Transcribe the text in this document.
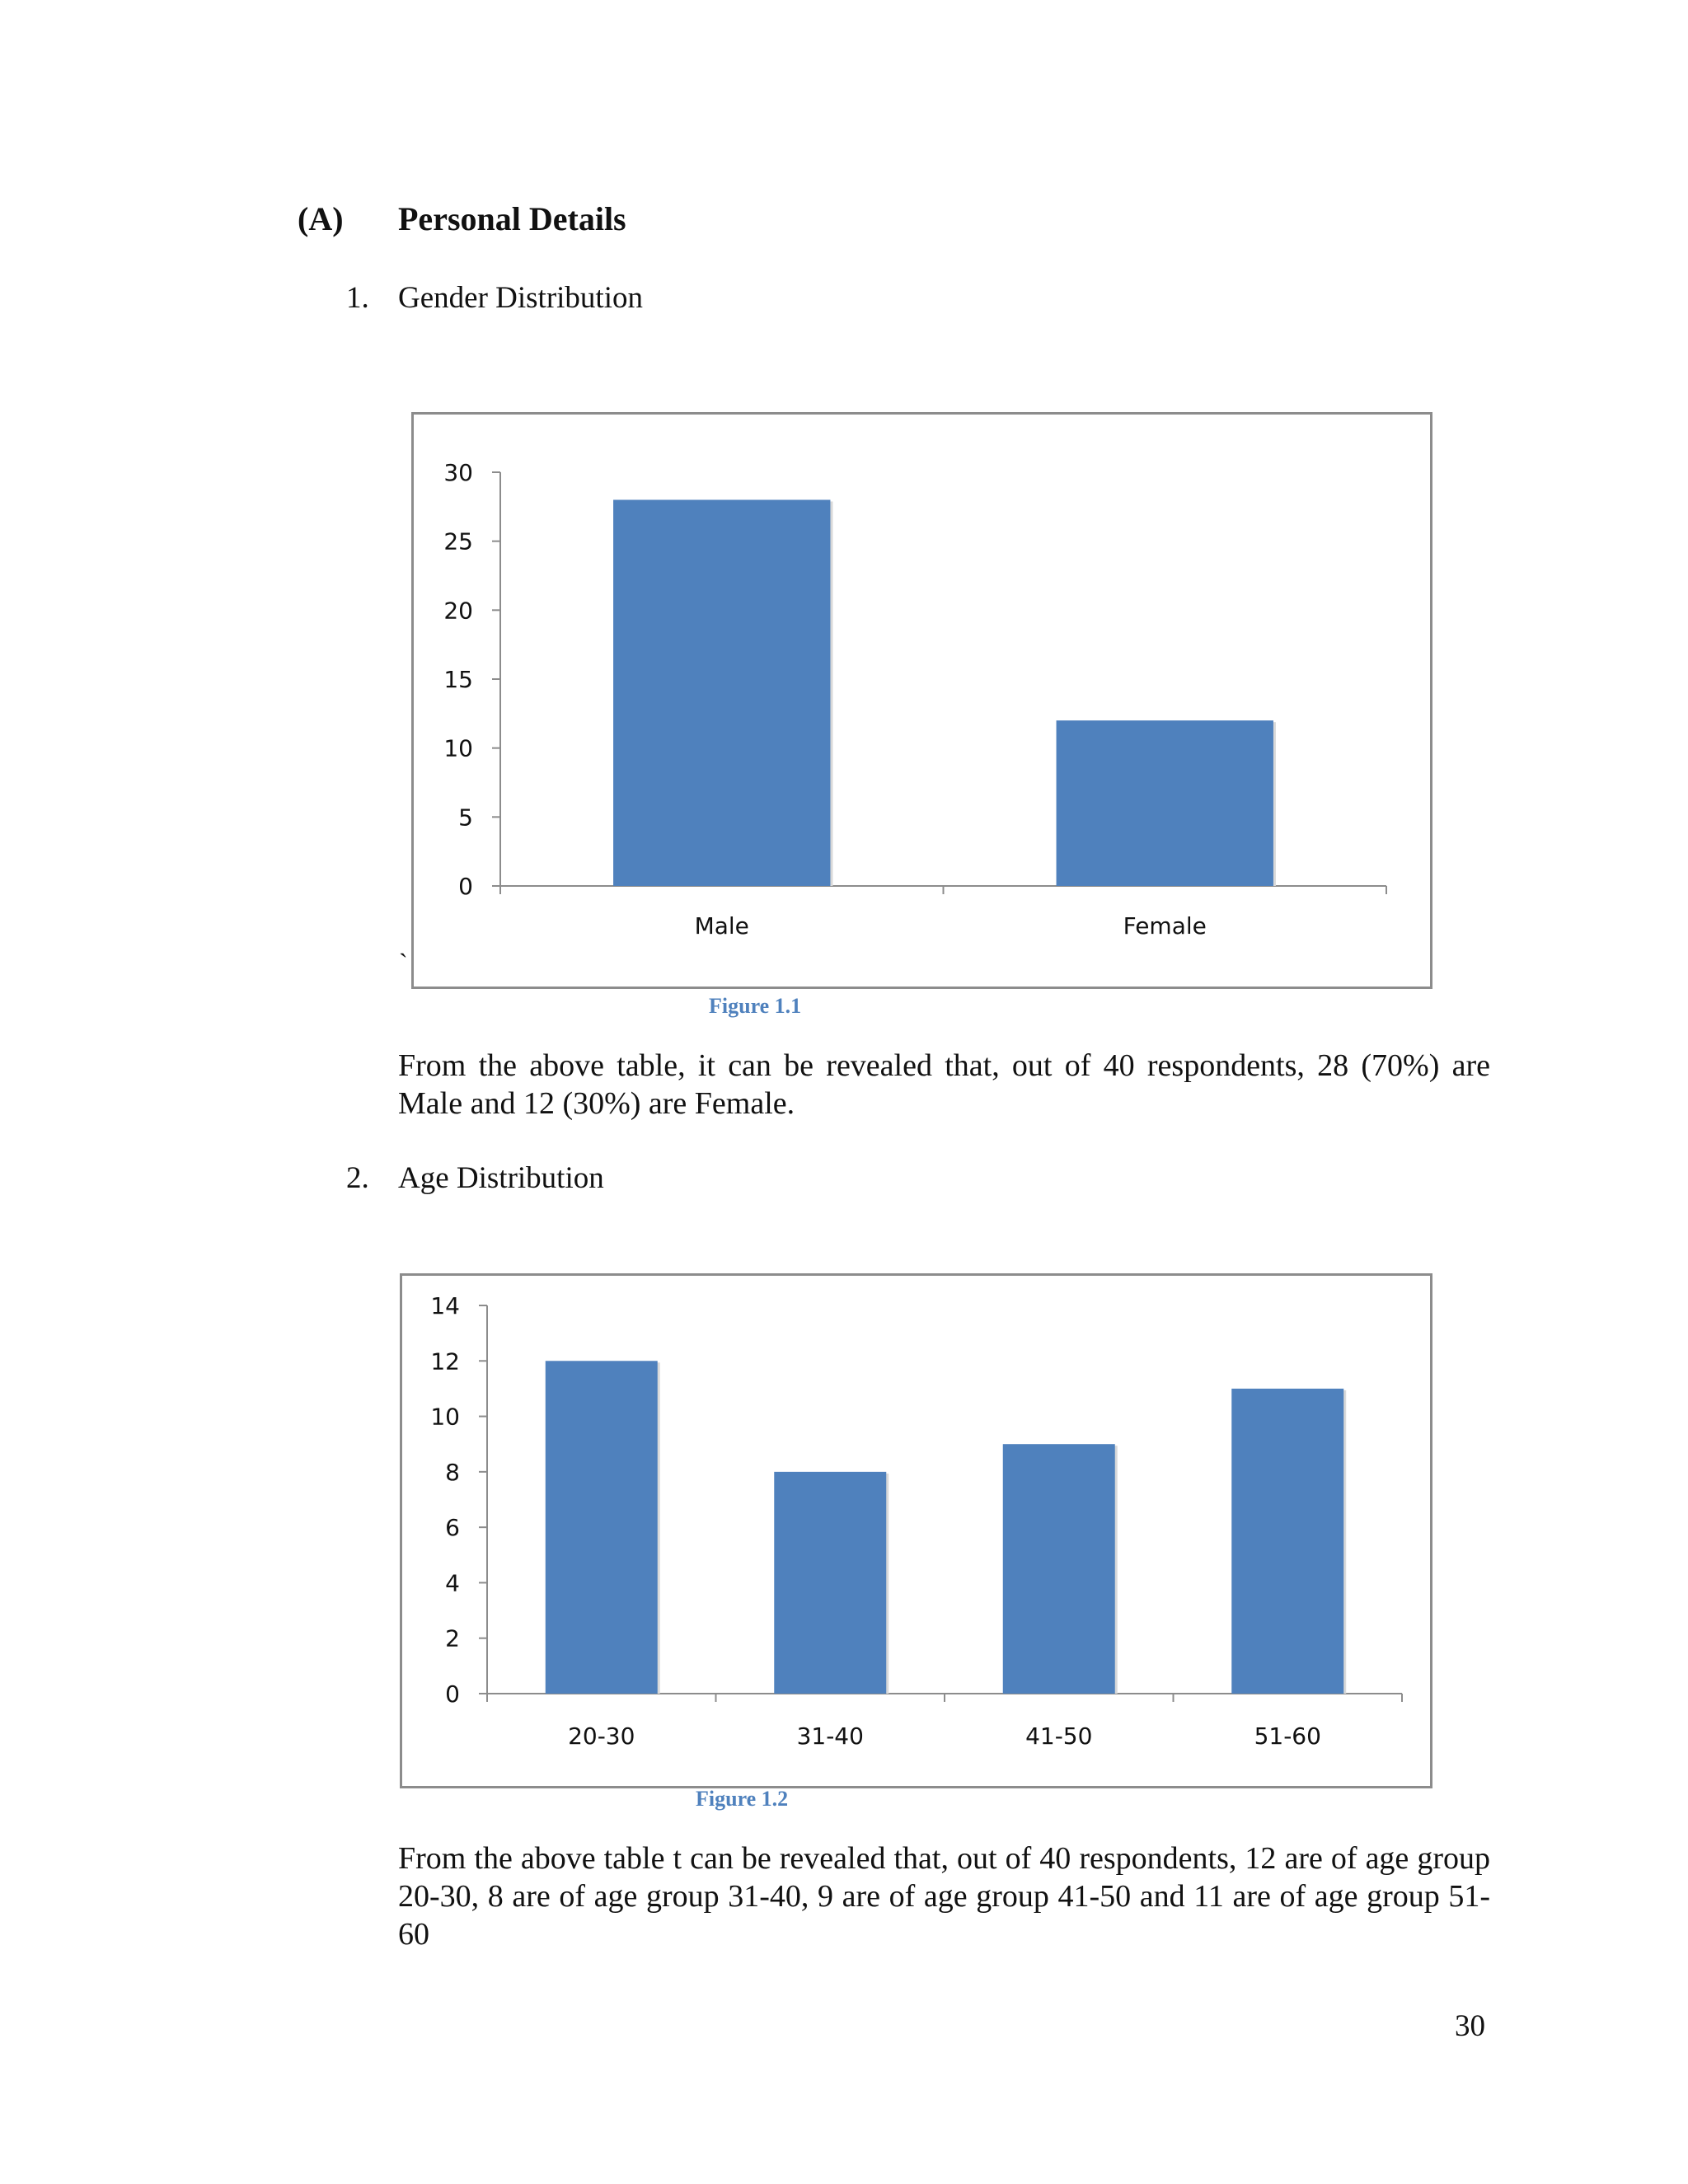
(A) Personal Details
1. Gender Distribution
0
5
10
15
20
25
30
Male	Female
`
Figure 1.1
From the above table, it can be revealed that, out of 40 respondents, 28 (70%) are Male and 12 (30%) are Female.
2. Age Distribution
0
2
4
6
8
10
12
14
20-30	31-40	41-50	51-60
Figure 1.2
From the above table t can be revealed that, out of 40 respondents, 12 are of age group 20-30, 8 are of age group 31-40, 9 are of age group 41-50 and 11 are of age group 51-60
30
